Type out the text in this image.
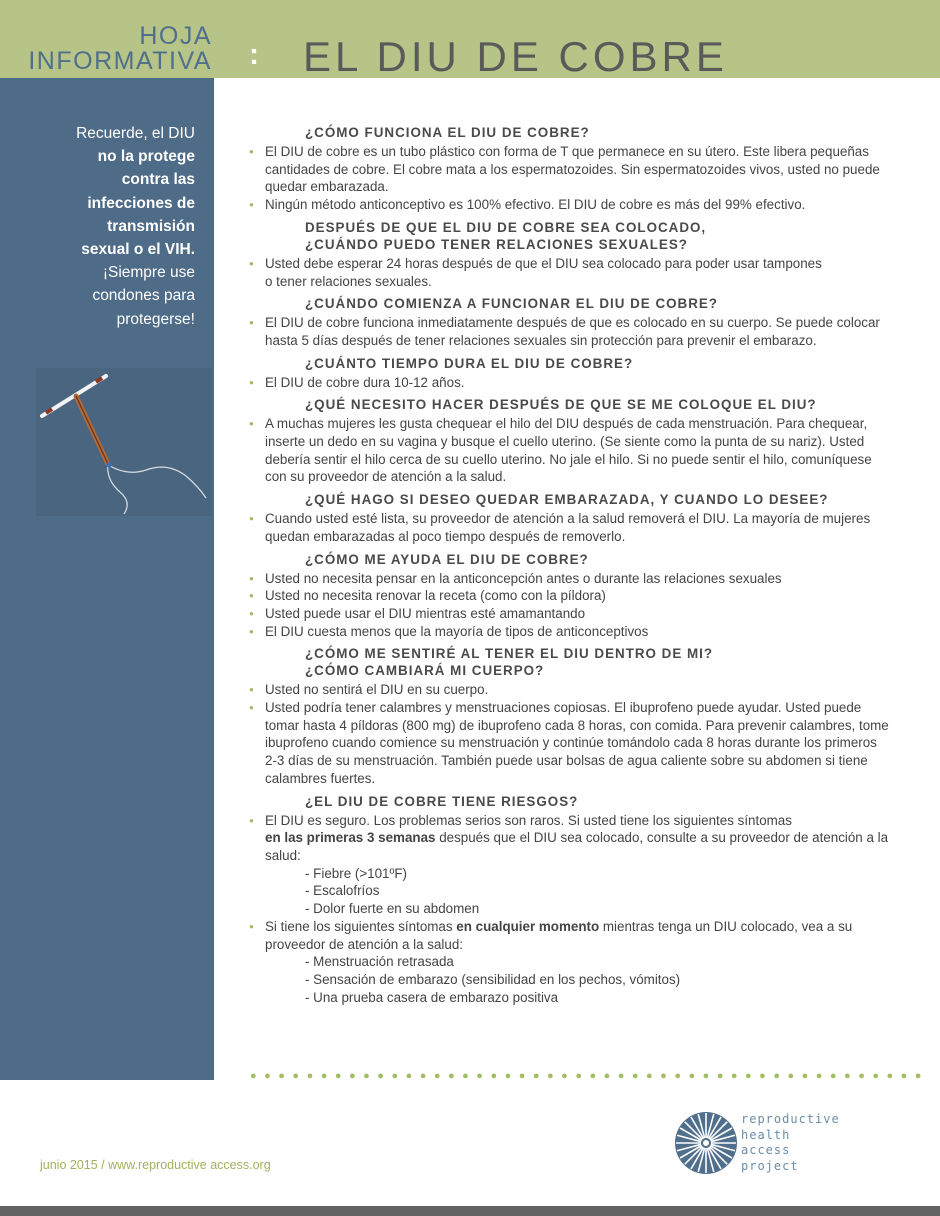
HOJA
INFORMATIVA : EL DIU DE COBRE
Recuerde, el DIU
no la protege
contra las
infecciones de
transmisión
sexual o el VIH.
¡Siempre use
condones para
protegerse!
¿CÓMO FUNCIONA EL DIU DE COBRE?
● El DIU de cobre es un tubo plástico con forma de T que permanece en su útero. Este libera pequeñas cantidades de cobre. El cobre mata a los espermatozoides. Sin espermatozoides vivos, usted no puede quedar embarazada.
● Ningún método anticonceptivo es 100% efectivo. El DIU de cobre es más del 99% efectivo.
DESPUÉS DE QUE EL DIU DE COBRE SEA COLOCADO,
¿CUÁNDO PUEDO TENER RELACIONES SEXUALES?
● Usted debe esperar 24 horas después de que el DIU sea colocado para poder usar tampones
o tener relaciones sexuales.
¿CUÁNDO COMIENZA A FUNCIONAR EL DIU DE COBRE?
● El DIU de cobre funciona inmediatamente después de que es colocado en su cuerpo. Se puede colocar hasta 5 días después de tener relaciones sexuales sin protección para prevenir el embarazo.
¿CUÁNTO TIEMPO DURA EL DIU DE COBRE?
● El DIU de cobre dura 10-12 años.
¿QUÉ NECESITO HACER DESPUÉS DE QUE SE ME COLOQUE EL DIU?
● A muchas mujeres les gusta chequear el hilo del DIU después de cada menstruación. Para chequear, inserte un dedo en su vagina y busque el cuello uterino. (Se siente como la punta de su nariz). Usted debería sentir el hilo cerca de su cuello uterino. No jale el hilo. Si no puede sentir el hilo, comuníquese con su proveedor de atención a la salud.
¿QUÉ HAGO SI DESEO QUEDAR EMBARAZADA, Y CUANDO LO DESEE?
● Cuando usted esté lista, su proveedor de atención a la salud removerá el DIU. La mayoría de mujeres quedan embarazadas al poco tiempo después de removerlo.
¿CÓMO ME AYUDA EL DIU DE COBRE?
● Usted no necesita pensar en la anticoncepción antes o durante las relaciones sexuales
● Usted no necesita renovar la receta (como con la píldora)
● Usted puede usar el DIU mientras esté amamantando
● El DIU cuesta menos que la mayoría de tipos de anticonceptivos
¿CÓMO ME SENTIRÉ AL TENER EL DIU DENTRO DE MI?
¿CÓMO CAMBIARÁ MI CUERPO?
● Usted no sentirá el DIU en su cuerpo.
● Usted podría tener calambres y menstruaciones copiosas. El ibuprofeno puede ayudar. Usted puede tomar hasta 4 píldoras (800 mg) de ibuprofeno cada 8 horas, con comida. Para prevenir calambres, tome ibuprofeno cuando comience su menstruación y continúe tomándolo cada 8 horas durante los primeros 2-3 días de su menstruación. También puede usar bolsas de agua caliente sobre su abdomen si tiene calambres fuertes.
¿EL DIU DE COBRE TIENE RIESGOS?
● El DIU es seguro. Los problemas serios son raros. Si usted tiene los siguientes síntomas
en las primeras 3 semanas después que el DIU sea colocado, consulte a su proveedor de atención a la salud:
- Fiebre (>101ºF)
- Escalofríos
- Dolor fuerte en su abdomen
● Si tiene los siguientes síntomas en cualquier momento mientras tenga un DIU colocado, vea a su proveedor de atención a la salud:
- Menstruación retrasada
- Sensación de embarazo (sensibilidad en los pechos, vómitos)
- Una prueba casera de embarazo positiva
●●●●●●●●●●●●●●●●●●●●●●●●●●●●●●●●●●●●●●●●●●●●●●●●
junio 2015 / www.reproductive access.org
reproductive
health
access
project
